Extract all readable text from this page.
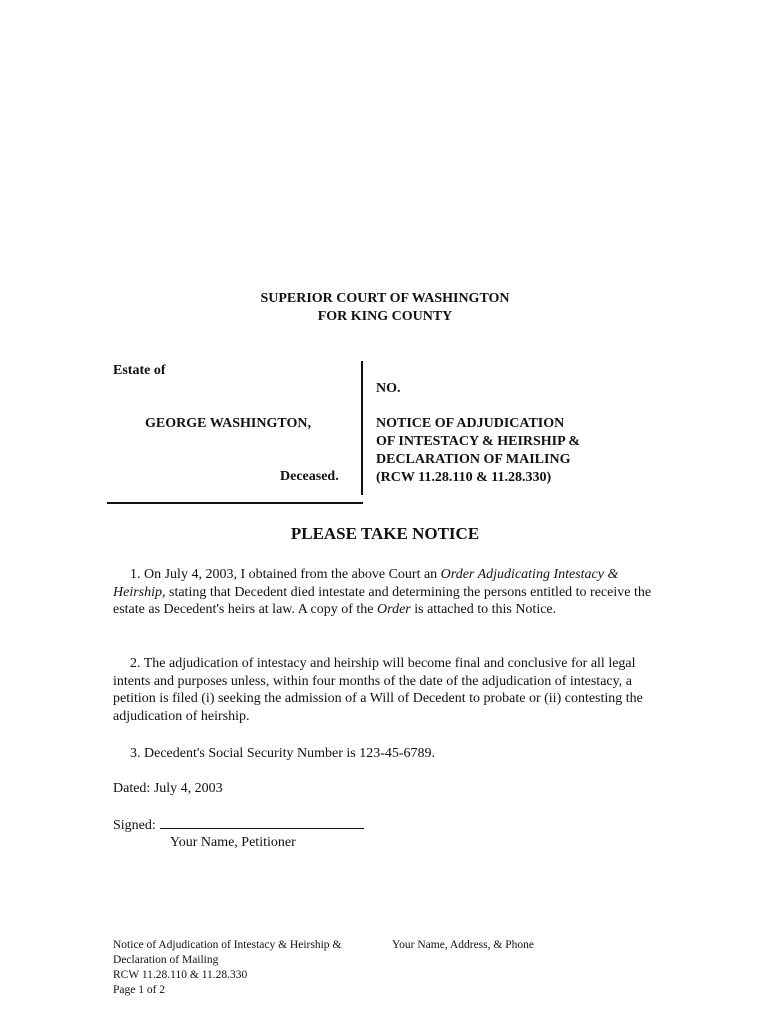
SUPERIOR COURT OF WASHINGTON
FOR KING COUNTY
Estate of
GEORGE WASHINGTON,
Deceased.
NO.
NOTICE OF ADJUDICATION
OF INTESTACY & HEIRSHIP &
DECLARATION OF MAILING
(RCW 11.28.110 & 11.28.330)
PLEASE TAKE NOTICE
1. On July 4, 2003, I obtained from the above Court an Order Adjudicating Intestacy & Heirship, stating that Decedent died intestate and determining the persons entitled to receive the estate as Decedent's heirs at law. A copy of the Order is attached to this Notice.
2. The adjudication of intestacy and heirship will become final and conclusive for all legal intents and purposes unless, within four months of the date of the adjudication of intestacy, a petition is filed (i) seeking the admission of a Will of Decedent to probate or (ii) contesting the adjudication of heirship.
3. Decedent's Social Security Number is 123-45-6789.
Dated: July 4, 2003
Signed:
Your Name, Petitioner
Notice of Adjudication of Intestacy & Heirship &
Declaration of Mailing
RCW 11.28.110 & 11.28.330
Page 1 of 2
Your Name, Address, & Phone
